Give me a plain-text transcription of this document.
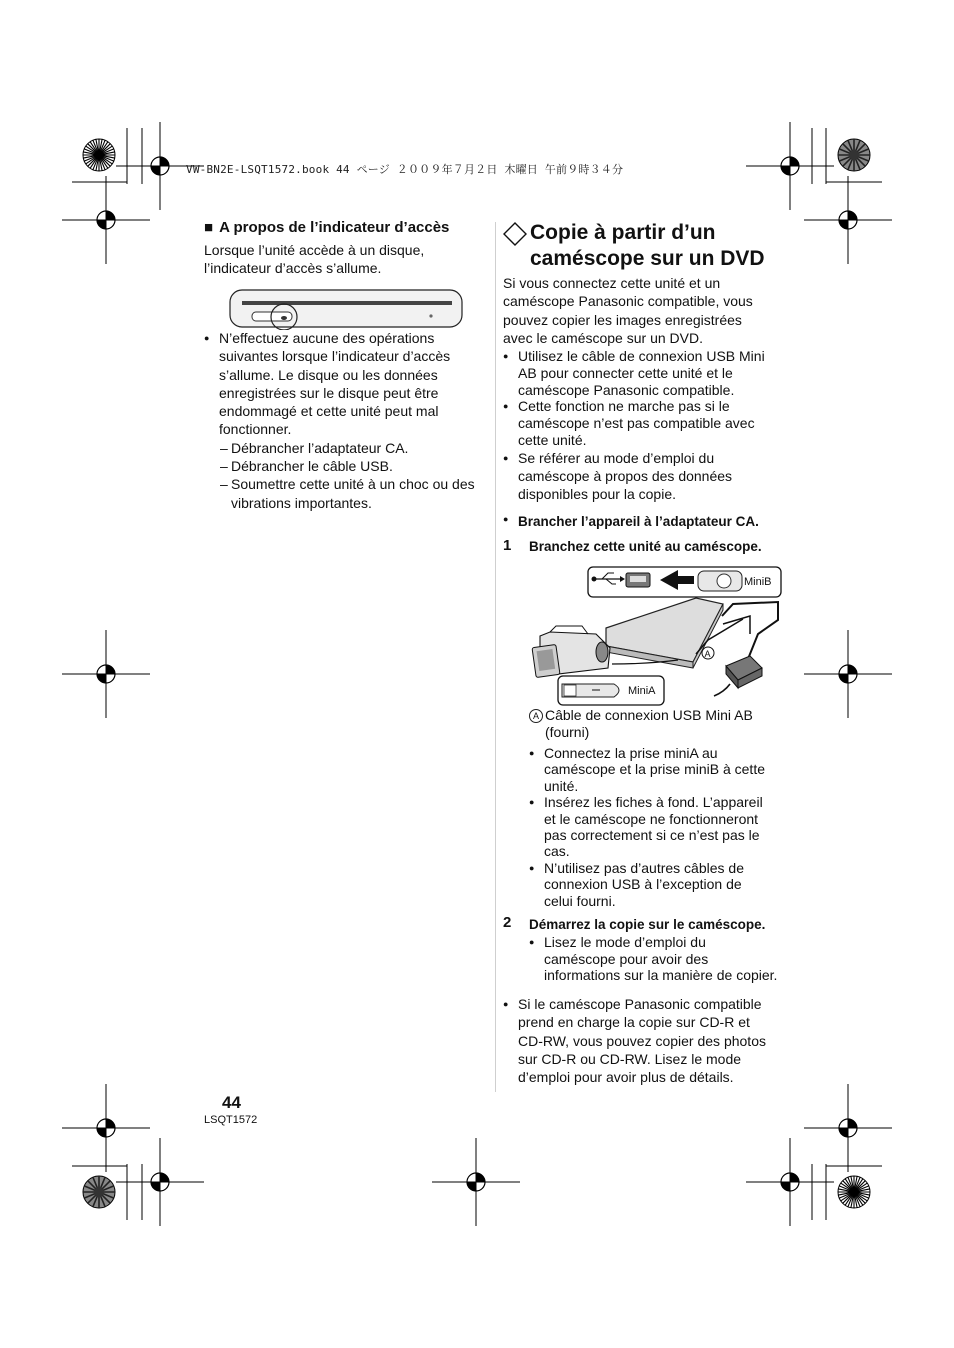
VW-BN2E-LSQT1572.book 44 ページ ２００９年７月２日 木曜日 午前９時３４分
■ A propos de l’indicateur d’accès
Lorsque l’unité accède à un disque,
l’indicateur d’accès s’allume.
● N’effectuez aucune des opérations
suivantes lorsque l’indicateur d’accès
s’allume. Le disque ou les données
enregistrées sur le disque peut être
endommagé et cette unité peut mal
fonctionner.
– Débrancher l’adaptateur CA.
– Débrancher le câble USB.
– Soumettre cette unité à un choc ou des
vibrations importantes.
Copie à partir d’un
caméscope sur un DVD
Si vous connectez cette unité et un
caméscope Panasonic compatible, vous
pouvez copier les images enregistrées
avec le caméscope sur un DVD.
● Utilisez le câble de connexion USB Mini
AB pour connecter cette unité et le
caméscope Panasonic compatible.
● Cette fonction ne marche pas si le
caméscope n’est pas compatible avec
cette unité.
● Se référer au mode d’emploi du
caméscope à propos des données
disponibles pour la copie.
● Brancher l’appareil à l’adaptateur CA.
1 Branchez cette unité au caméscope.
MiniB
A
MiniA
A Câble de connexion USB Mini AB
(fourni)
● Connectez la prise miniA au
caméscope et la prise miniB à cette
unité.
● Insérez les fiches à fond. L’appareil
et le caméscope ne fonctionneront
pas correctement si ce n’est pas le
cas.
● N’utilisez pas d’autres câbles de
connexion USB à l’exception de
celui fourni.
2 Démarrez la copie sur le caméscope.
● Lisez le mode d’emploi du
caméscope pour avoir des
informations sur la manière de copier.
● Si le caméscope Panasonic compatible
prend en charge la copie sur CD-R et
CD-RW, vous pouvez copier des photos
sur CD-R ou CD-RW. Lisez le mode
d’emploi pour avoir plus de détails.
44
LSQT1572
